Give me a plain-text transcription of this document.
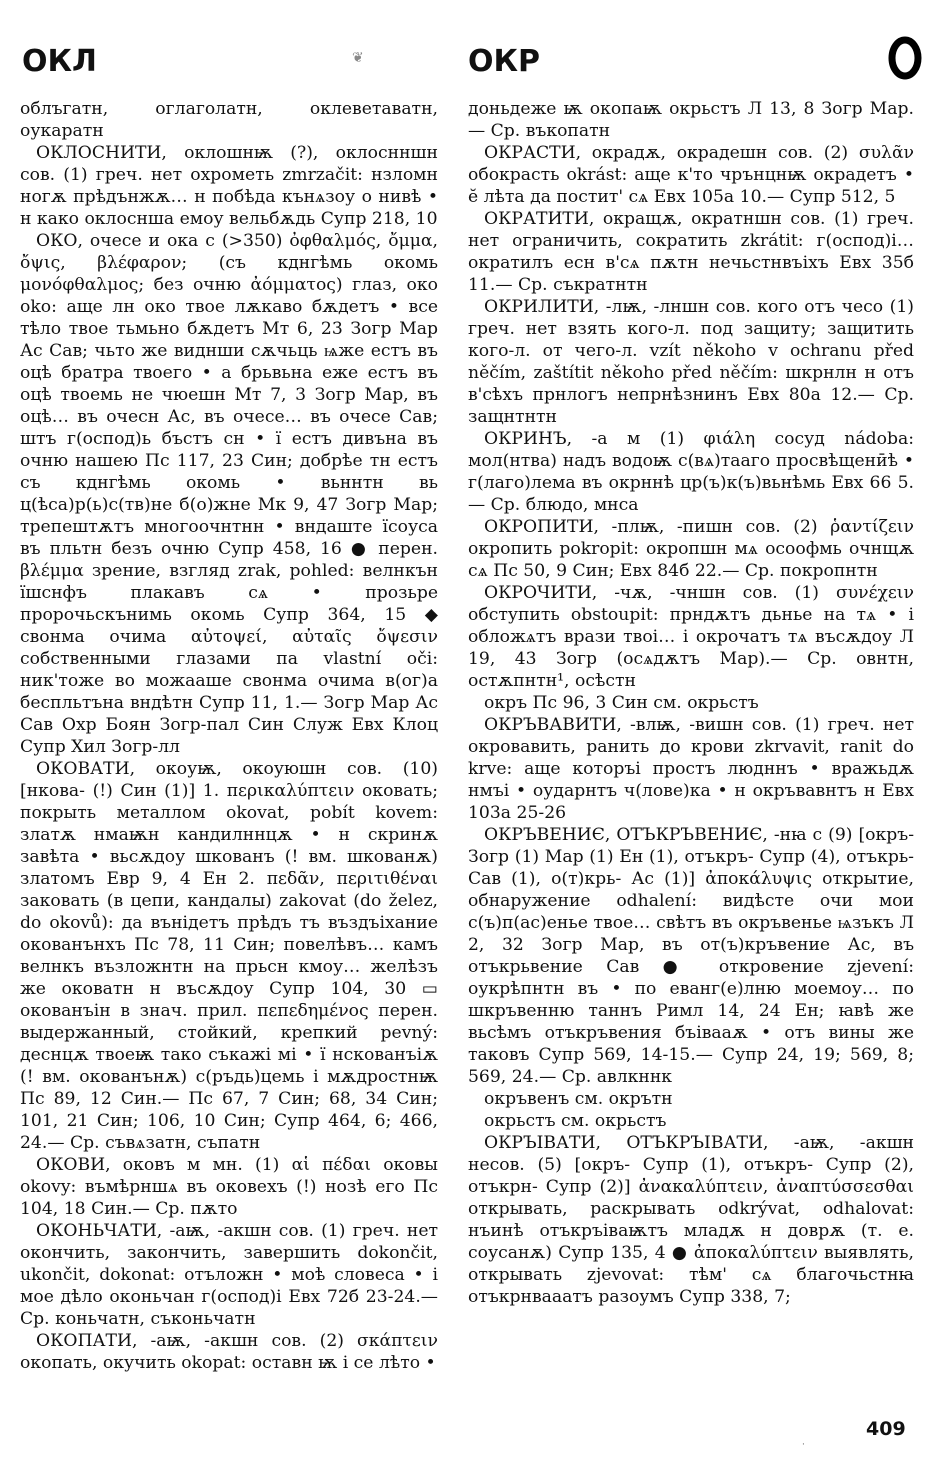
ОКЛ	❦	ОКР

облъгатн, оглаголатн, оклеветаватн, оукаратн

ОКЛОСНИТИ, оклошнѭ (?), оклоснншн сов. (1) греч. нет охрометь zmrzačit: нзломн ногѫ прѣдънжѫ… н побѣда кънѧзоу о нивѣ • н како оклоснша емоу вельбѫдь Супр 218, 10

ОКО, очесе и ока с (>350) ὀφθαλμός, ὄμμα, ὄψις, βλέφαρον; (съ кднгѣмь окомь μονόφθαλμος; без очню ἀόμματος) глаз, око oko: аще лн око твое лѫкаво бѫдетъ • все тѣло твое тьмьно бѫдетъ Мт 6, 23 Зогр Мар Ас Сав; чьто же виднши сѫчьць ѩже естъ въ оцѣ братра твоего • а брьвьна еже естъ въ оцѣ твоемь не чюешн Мт 7, 3 Зогр Мар, въ оцѣ… въ очесн Ас, въ очесе… въ очесе Сав; штъ г(оспод)ь бъстъ сн • ї естъ дивъна въ очню нашею Пс 117, 23 Син; добрѣе тн естъ съ кднгѣмь окомь • вьннтн вь ц(ѣса)р(ь)с(тв)не б(о)жне Мк 9, 47 Зогр Мар; трепештѫтъ многоочнтнн • вндаште їсоуса въ пльтн безъ очню Супр 458, 16 ● перен. βλέμμα зрение, взгляд zrak, pohled: велнкън їшснфъ плакавъ сѧ • прозьре пророчьскънимь окомь Супр 364, 15 ◆ свонма очима αὐτοψεί, αὐταῖς ὄψεσιν собственными глазами па vlastní oči: ник'тоже во можааше свонма очима в(ог)а беспльтъна вндѣтн Супр 11, 1.— Зогр Мар Ас Сав Охр Боян Зогр-пал Син Служ Евх Клоц Супр Хил Зогр-лл

ОКОВАТИ, окоуѭ, окоуюшн сов. (10) [нкова- (!) Син (1)] 1. περικαλύπτειν оковать; покрыть металлом okovat, pobít kovem: златѫ нмаѭн кандилннцѫ • н скринѫ завѣта • вьсѫдоу шкованъ (! вм. шкованѫ) златомъ Евр 9, 4 Ен 2. πεδᾶν, περιτιθέναι заковать (в цепи, кандалы) zakovat (do želez, do okovů): да вънідетъ прѣдъ тъ въздъіхание окованънхъ Пс 78, 11 Син; повелѣвъ… камъ велнкъ възложнтн на прьсн кмоу… желѣзъ же оковатн н въсѫдоу Супр 104, 30 ▭ окованъін в знач. прил. πεπεδημένος перен. выдержанный, стойкий, крепкий pevný: деснцѫ твоеѭ тако съкажі мі • ї нскованъіѫ (! вм. окованънѫ) с(ръдь)цемь і мѫдростнѭ Пс 89, 12 Син.— Пс 67, 7 Син; 68, 34 Син; 101, 21 Син; 106, 10 Син; Супр 464, 6; 466, 24.— Ср. съвѧзатн, съпатн

ОКОВИ, оковъ м мн. (1) αἱ πέδαι оковы okovy: въмѣрншѧ въ оковехъ (!) нозѣ его Пс 104, 18 Син.— Ср. пѫто

ОКОНЬЧАТИ, -аѭ, -акшн сов. (1) греч. нет окончить, закончить, завершить dokončit, ukončit, dokonat: отъложн • моѣ словеса • і мое дѣло оконьчан г(оспод)і Евх 72б 23-24.— Ср. коньчатн, съконьчатн

ОКОПАТИ, -аѭ, -акшн сов. (2) σκάπτειν окопать, окучить okopat: оставн ѭ і се лѣто •

доньдеже ѭ окопаѭ окрьстъ Л 13, 8 Зогр Мар.— Ср. въкопатн

ОКРАСТИ, окрадѫ, окрадешн сов. (2) συλᾶν обокрасть okrást: аще к'то чрънцнѭ окрадетъ • ӗ лѣта да постит' сѧ Евх 105а 10.— Супр 512, 5

ОКРАТИТИ, окращѫ, ократншн сов. (1) греч. нет ограничить, сократить zkrátit: г(оспод)і… ократилъ есн в'сѧ пѫтн нечьстнвъіхъ Евх 35б 11.— Ср. съкратнтн

ОКРИЛИТИ, -лѭ, -лншн сов. кого отъ чесо (1) греч. нет взять кого-л. под защиту; защитить кого-л. от чего-л. vzít někoho v ochranu před něčím, zaštítit někoho před něčím: шкрнлн н отъ в'сѣхъ прнлогъ непрнѣзнинъ Евх 80а 12.— Ср. защнтнтн

ОКРИНЪ, -а м (1) φιάλη сосуд nádoba: мол(нтва) надъ водоѭ с(вѧ)тааго просвѣщенӣѣ • г(лаго)лема въ окрннѣ цр(ъ)к(ъ)вьнѣмь Евх 66 5.— Ср. блюдо, мнса

ОКРОПИТИ, -плѭ, -пишн сов. (2) ῥαντίζειν окропить pokropit: окропшн мѧ осоофмь очнщѫ сѧ Пс 50, 9 Син; Евх 84б 22.— Ср. покропнтн

ОКРОЧИТИ, -чѫ, -чншн сов. (1) συνέχειν обступить obstoupit: прндѫтъ дьнье на тѧ • і обложѧтъ врази твоі… і окрочатъ тѧ въсѫдоу Л 19, 43 Зогр (осѧдѫтъ Мар).— Ср. овнтн, остѫпнтн¹, осѣстн

окръ Пс 96, 3 Син см. окрьстъ

ОКРЪВАВИТИ, -влѭ, -вишн сов. (1) греч. нет окровавить, ранить до крови zkrvavit, ranit do krve: аще которъі простъ людннъ • вражьдѫ нмъі • оударнтъ ч(лове)ка • н окръвавнтъ н Евх 103а 25-26

ОКРЪВЕНИЄ, ОТЪКРЪВЕНИЄ, -нꙗ с (9) [окръ- Зогр (1) Мар (1) Ен (1), отъкръ- Супр (4), отъкрь- Сав (1), о(т)крь- Ас (1)] ἀποκάλυψις открытие, обнаружение odhalení: видѣсте очи мои с(ъ)п(ас)енье твое… свѣтъ въ окръвенье ѩзъкъ Л 2, 32 Зогр Мар, въ от(ъ)кръвение Ас, въ отъкрьвение Сав ● откровение zjevení: оукрѣпнтн въ • по еванг(е)лню моемоу… по шкръвенню таннъ Римл 14, 24 Ен; ꙗвѣ же вьсѣмъ отъкръвения бъівааѫ • отъ вины же таковъ Супр 569, 14-15.— Супр 24, 19; 569, 8; 569, 24.— Ср. авлкннк

окръвенъ см. окрътн

окрьстъ см. окрьстъ

ОКРЪІВАТИ, ОТЪКРЪІВАТИ, -аѭ, -акшн несов. (5) [окръ- Супр (1), отъкръ- Супр (2), отъкрн- Супр (2)] ἀνακαλύπτειν, ἀναπτύσσεσθαι открывать, раскрывать odkrývat, odhalovat: нъинѣ отъкръіваѭтъ младѫ н доврѫ (т. е. соусанѫ) Супр 135, 4 ● ἀποκαλύπτειν выявлять, открывать zjevovat: тѣм' сѧ благочьстнꙗ отъкрнвааатъ разоумъ Супр 338, 7;

409
·
